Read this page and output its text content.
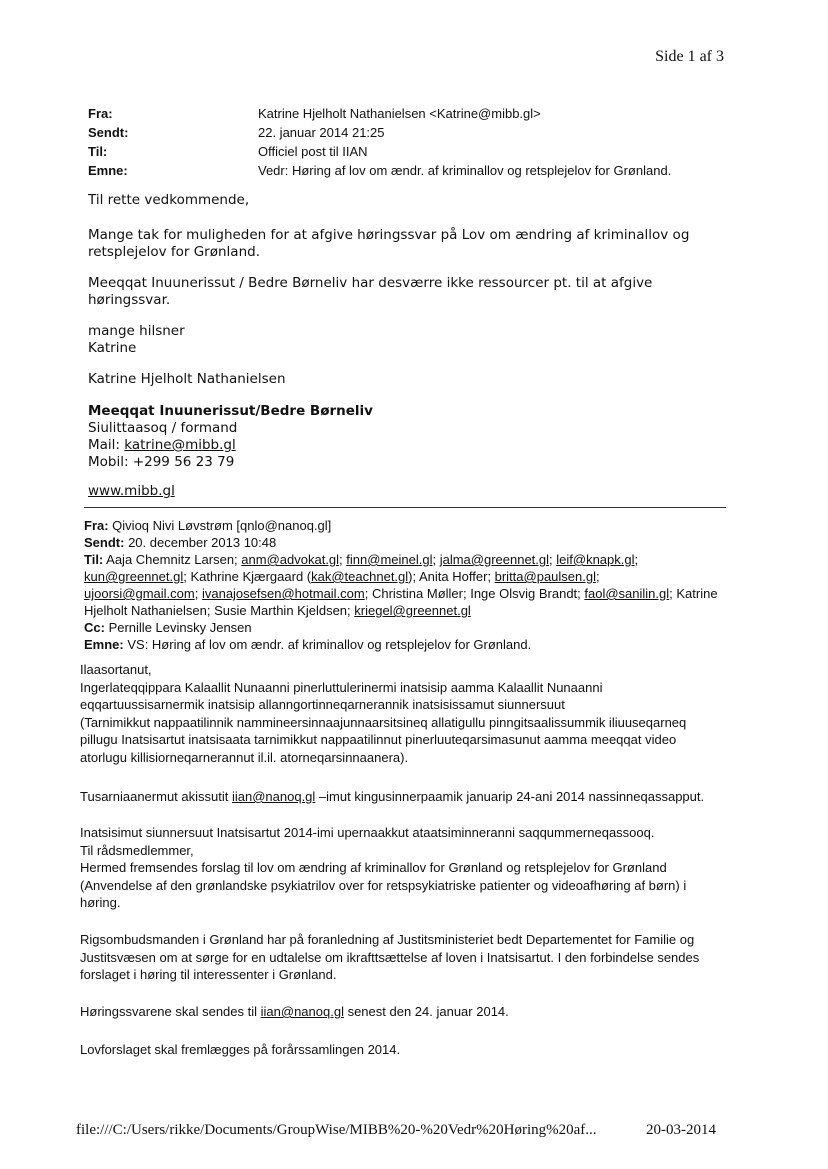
Side 1 af 3
Fra:	Katrine Hjelholt Nathanielsen <Katrine@mibb.gl>
Sendt:	22. januar 2014 21:25
Til:	Officiel post til IIAN
Emne:	Vedr: Høring af lov om ændr. af kriminallov og retsplejelov for Grønland.

Til rette vedkommende,

Mange tak for muligheden for at afgive høringssvar på Lov om ændring af kriminallov og

retsplejelov for Grønland.

Meeqqat Inuunerissut / Bedre Børneliv har desværre ikke ressourcer pt. til at afgive

høringssvar.

mange hilsner

Katrine

Katrine Hjelholt Nathanielsen

Meeqqat Inuunerissut/Bedre Børneliv

Siulittaasoq / formand

Mail: katrine@mibb.gl

Mobil: +299 56 23 79

www.mibb.gl

Fra: Qivioq Nivi Løvstrøm [qnlo@nanoq.gl]

Sendt: 20. december 2013 10:48

Til: Aaja Chemnitz Larsen; anm@advokat.gl; finn@meinel.gl; jalma@greennet.gl; leif@knapk.gl;
kun@greennet.gl; Kathrine Kjærgaard (kak@teachnet.gl); Anita Hoffer; britta@paulsen.gl;
ujoorsi@gmail.com; ivanajosefsen@hotmail.com; Christina Møller; Inge Olsvig Brandt; faol@sanilin.gl; Katrine
Hjelholt Nathanielsen; Susie Marthin Kjeldsen; kriegel@greennet.gl

Cc: Pernille Levinsky Jensen

Emne: VS: Høring af lov om ændr. af kriminallov og retsplejelov for Grønland.

Ilaasortanut,

Ingerlateqqippara Kalaallit Nunaanni pinerluttulerinermi inatsisip aamma Kalaallit Nunaanni

eqqartuussisarnermik inatsisip allanngortinneqarnerannik inatsisissamut siunnersuut

(Tarnimikkut nappaatilinnik nammineersinnaajunnaarsitsineq allatigullu pinngitsaalissummik iliuuseqarneq

pillugu Inatsisartut inatsisaata tarnimikkut nappaatilinnut pinerluuteqarsimasunut aamma meeqqat video

atorlugu killisiorneqarnerannut il.il. atorneqarsinnaanera).

Tusarniaanermut akissutit iian@nanoq.gl –imut kingusinnerpaamik januarip 24-ani 2014 nassinneqassapput.

Inatsisimut siunnersuut Inatsisartut 2014-imi upernaakkut ataatsiminneranni saqqummerneqassooq.

Til rådsmedlemmer,

Hermed fremsendes forslag til lov om ændring af kriminallov for Grønland og retsplejelov for Grønland

(Anvendelse af den grønlandske psykiatrilov over for retspsykiatriske patienter og videoafhøring af børn) i

høring.

Rigsombudsmanden i Grønland har på foranledning af Justitsministeriet bedt Departementet for Familie og

Justitsvæsen om at sørge for en udtalelse om ikrafttsættelse af loven i Inatsisartut. I den forbindelse sendes

forslaget i høring til interessenter i Grønland.

Høringssvarene skal sendes til iian@nanoq.gl senest den 24. januar 2014.

Lovforslaget skal fremlægges på forårssamlingen 2014.

file:///C:/Users/rikke/Documents/GroupWise/MIBB%20-%20Vedr%20Høring%20af...	20-03-2014
